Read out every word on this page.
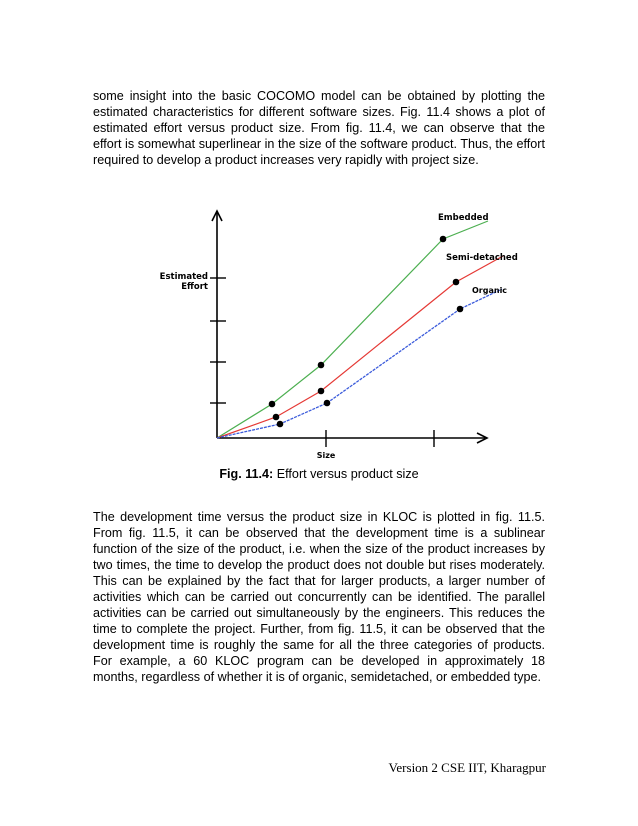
some insight into the basic COCOMO model can be obtained by plotting the estimated characteristics for different software sizes. Fig. 11.4 shows a plot of estimated effort versus product size. From fig. 11.4, we can observe that the effort is somewhat superlinear in the size of the software product. Thus, the effort required to develop a product increases very rapidly with project size.

Estimated
Effort
Size
Embedded
Semi-detached
Organic
Fig. 11.4: Effort versus product size

The development time versus the product size in KLOC is plotted in fig. 11.5. From fig. 11.5, it can be observed that the development time is a sublinear function of the size of the product, i.e. when the size of the product increases by two times, the time to develop the product does not double but rises moderately. This can be explained by the fact that for larger products, a larger number of activities which can be carried out concurrently can be identified. The parallel activities can be carried out simultaneously by the engineers. This reduces the time to complete the project. Further, from fig. 11.5, it can be observed that the development time is roughly the same for all the three categories of products. For example, a 60 KLOC program can be developed in approximately 18 months, regardless of whether it is of organic, semidetached, or embedded type.

Version 2 CSE IIT, Kharagpur
